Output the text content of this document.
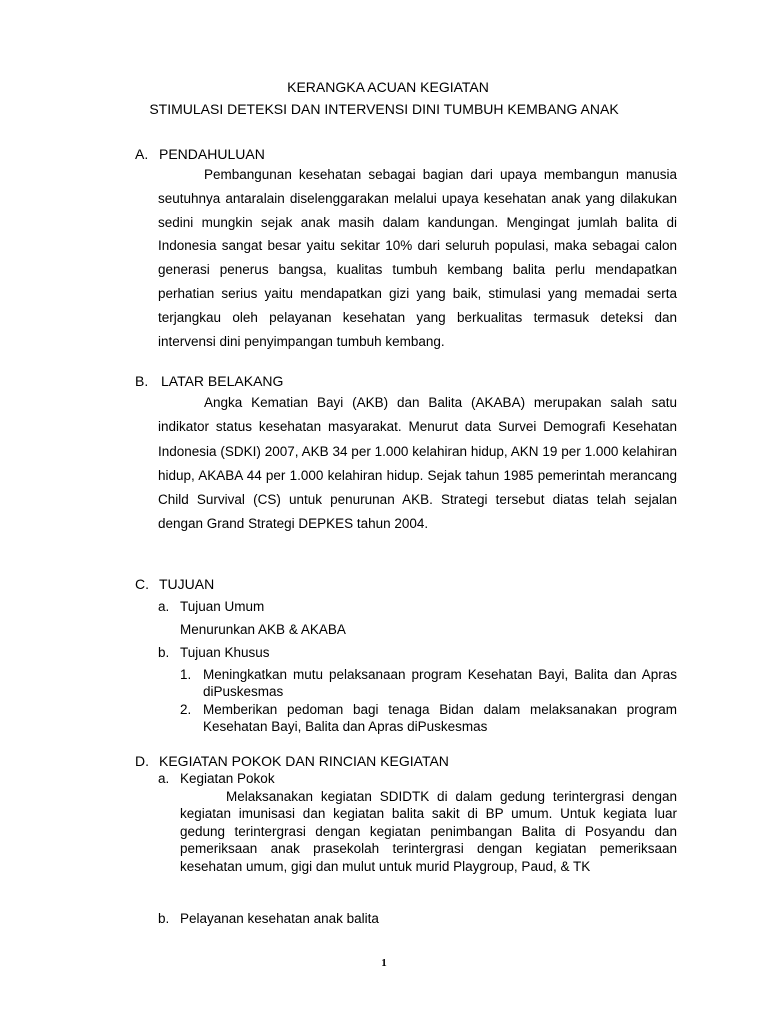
KERANGKA ACUAN KEGIATAN
STIMULASI DETEKSI DAN INTERVENSI DINI TUMBUH KEMBANG ANAK
A. PENDAHULUAN

Pembangunan kesehatan sebagai bagian dari upaya membangun manusia seutuhnya antaralain diselenggarakan melalui upaya kesehatan anak yang dilakukan sedini mungkin sejak anak masih dalam kandungan. Mengingat jumlah balita di Indonesia sangat besar yaitu sekitar 10% dari seluruh populasi, maka sebagai calon generasi penerus bangsa, kualitas tumbuh kembang balita perlu mendapatkan perhatian serius yaitu mendapatkan gizi yang baik, stimulasi yang memadai serta terjangkau oleh pelayanan kesehatan yang berkualitas termasuk deteksi dan intervensi dini penyimpangan tumbuh kembang.

B. LATAR BELAKANG

Angka Kematian Bayi (AKB) dan Balita (AKABA) merupakan salah satu indikator status kesehatan masyarakat. Menurut data Survei Demografi Kesehatan Indonesia (SDKI) 2007, AKB 34 per 1.000 kelahiran hidup, AKN 19 per 1.000 kelahiran hidup, AKABA 44 per 1.000 kelahiran hidup. Sejak tahun 1985 pemerintah merancang Child Survival (CS) untuk penurunan AKB. Strategi tersebut diatas telah sejalan dengan Grand Strategi DEPKES tahun 2004.

C. TUJUAN
a. Tujuan Umum
Menurunkan AKB & AKABA
b. Tujuan Khusus
1. Meningkatkan mutu pelaksanaan program Kesehatan Bayi, Balita dan Apras diPuskesmas

2. Memberikan pedoman bagi tenaga Bidan dalam melaksanakan program Kesehatan Bayi, Balita dan Apras diPuskesmas

D. KEGIATAN POKOK DAN RINCIAN KEGIATAN
a. Kegiatan Pokok

Melaksanakan kegiatan SDIDTK di dalam gedung terintergrasi dengan kegiatan imunisasi dan kegiatan balita sakit di BP umum. Untuk kegiata luar gedung terintergrasi dengan kegiatan penimbangan Balita di Posyandu dan pemeriksaan anak prasekolah terintergrasi dengan kegiatan pemeriksaan kesehatan umum, gigi dan mulut untuk murid Playgroup, Paud, & TK

b. Pelayanan kesehatan anak balita
1
